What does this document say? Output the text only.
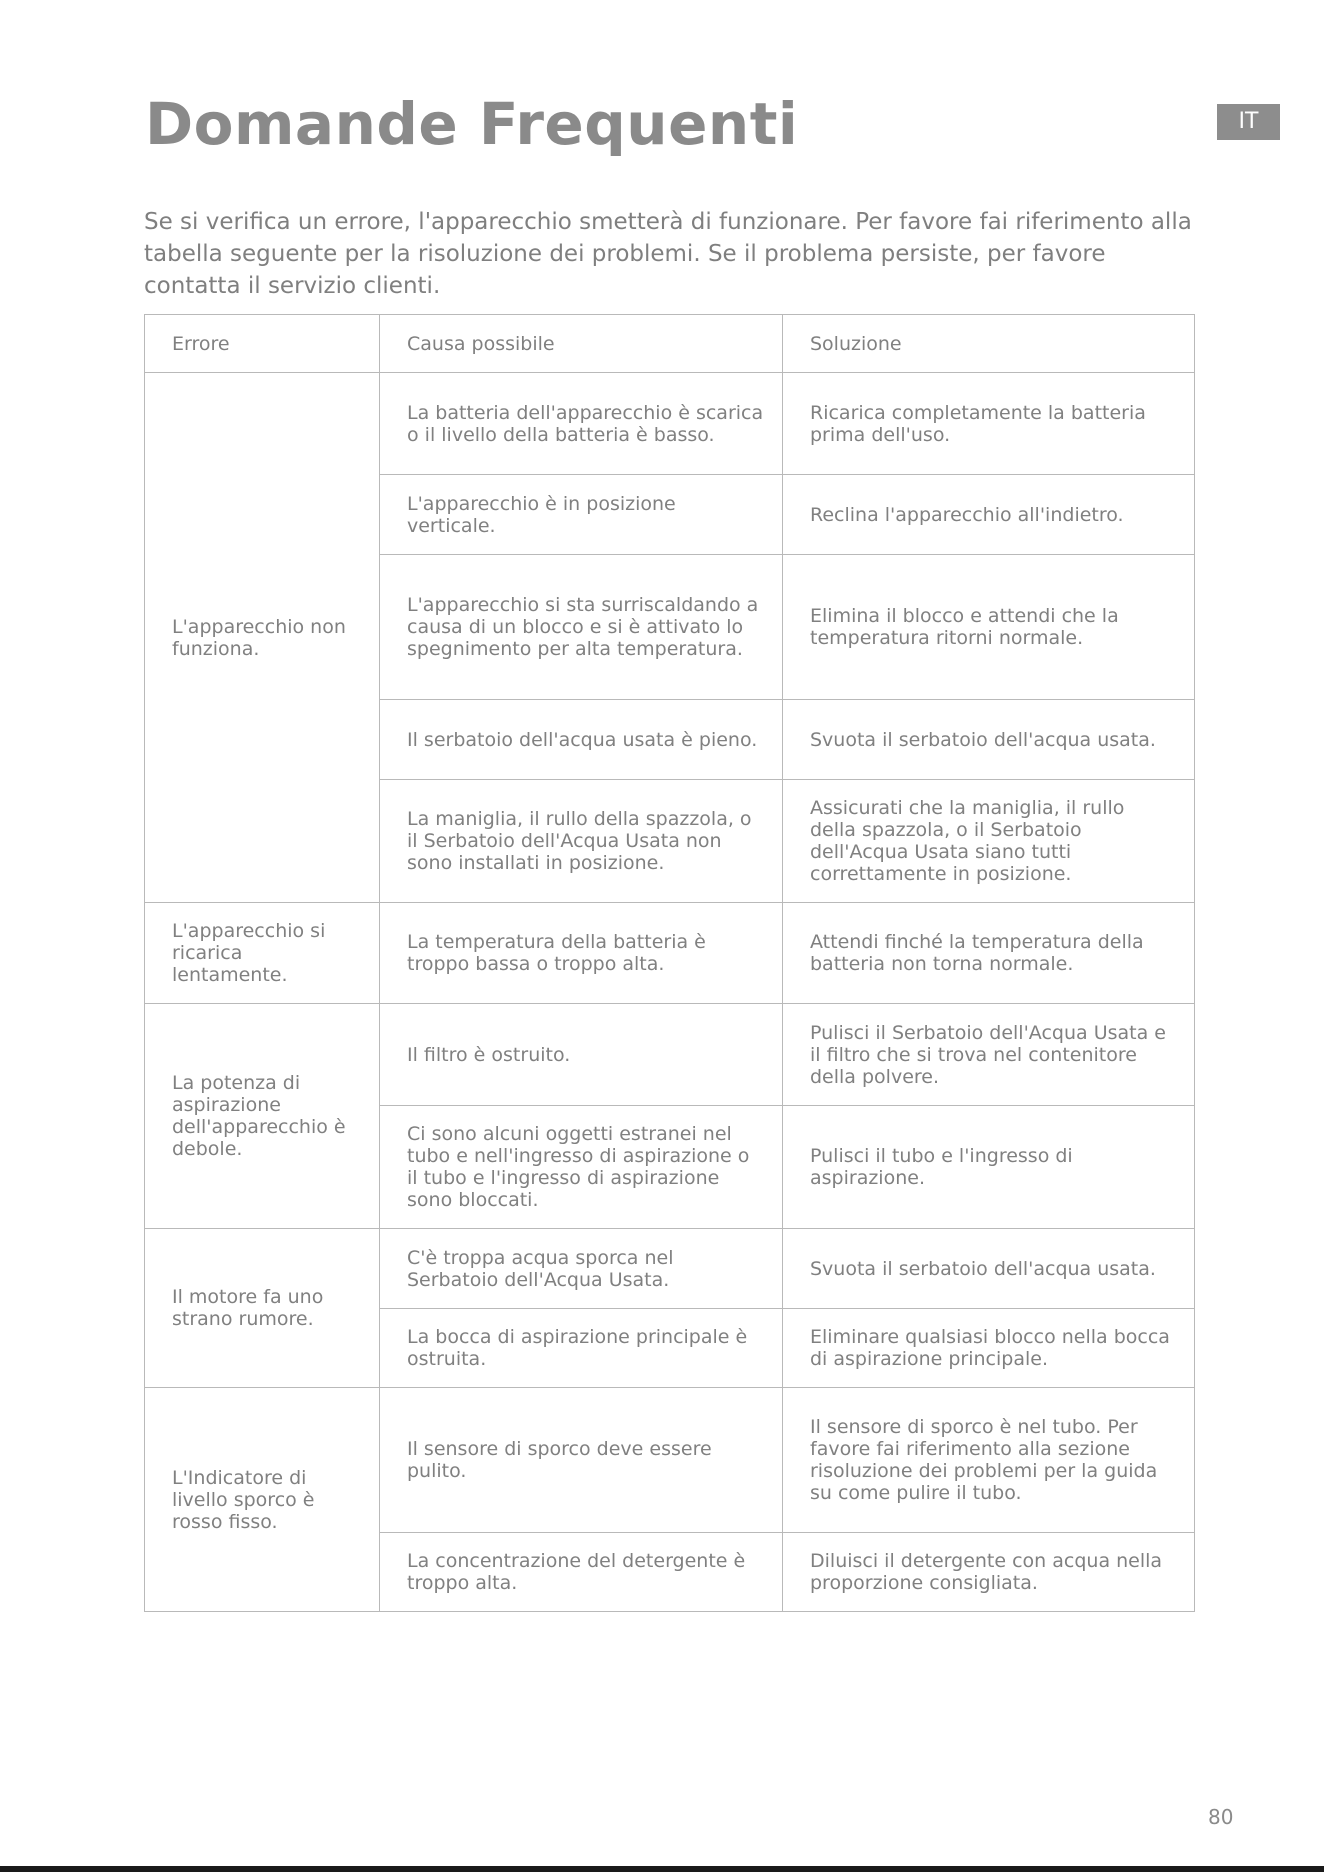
Domande Frequenti	IT

Se si verifica un errore, l'apparecchio smetterà di funzionare. Per favore fai riferimento alla tabella seguente per la risoluzione dei problemi. Se il problema persiste, per favore contatta il servizio clienti.

Errore	Causa possibile	Soluzione
L'apparecchio non funziona.	La batteria dell'apparecchio è scarica o il livello della batteria è basso.	Ricarica completamente la batteria prima dell'uso.
	L'apparecchio è in posizione verticale.	Reclina l'apparecchio all'indietro.
	L'apparecchio si sta surriscaldando a causa di un blocco e si è attivato lo spegnimento per alta temperatura.	Elimina il blocco e attendi che la temperatura ritorni normale.
	Il serbatoio dell'acqua usata è pieno.	Svuota il serbatoio dell'acqua usata.
	La maniglia, il rullo della spazzola, o il Serbatoio dell'Acqua Usata non sono installati in posizione.	Assicurati che la maniglia, il rullo della spazzola, o il Serbatoio dell'Acqua Usata siano tutti correttamente in posizione.
L'apparecchio si ricarica lentamente.	La temperatura della batteria è troppo bassa o troppo alta.	Attendi finché la temperatura della batteria non torna normale.
La potenza di aspirazione dell'apparecchio è debole.	Il filtro è ostruito.	Pulisci il Serbatoio dell'Acqua Usata e il filtro che si trova nel contenitore della polvere.
	Ci sono alcuni oggetti estranei nel tubo e nell'ingresso di aspirazione o il tubo e l'ingresso di aspirazione sono bloccati.	Pulisci il tubo e l'ingresso di aspirazione.
Il motore fa uno strano rumore.	C'è troppa acqua sporca nel Serbatoio dell'Acqua Usata.	Svuota il serbatoio dell'acqua usata.
	La bocca di aspirazione principale è ostruita.	Eliminare qualsiasi blocco nella bocca di aspirazione principale.
L'Indicatore di livello sporco è rosso fisso.	Il sensore di sporco deve essere pulito.	Il sensore di sporco è nel tubo. Per favore fai riferimento alla sezione risoluzione dei problemi per la guida su come pulire il tubo.
	La concentrazione del detergente è troppo alta.	Diluisci il detergente con acqua nella proporzione consigliata.
80
